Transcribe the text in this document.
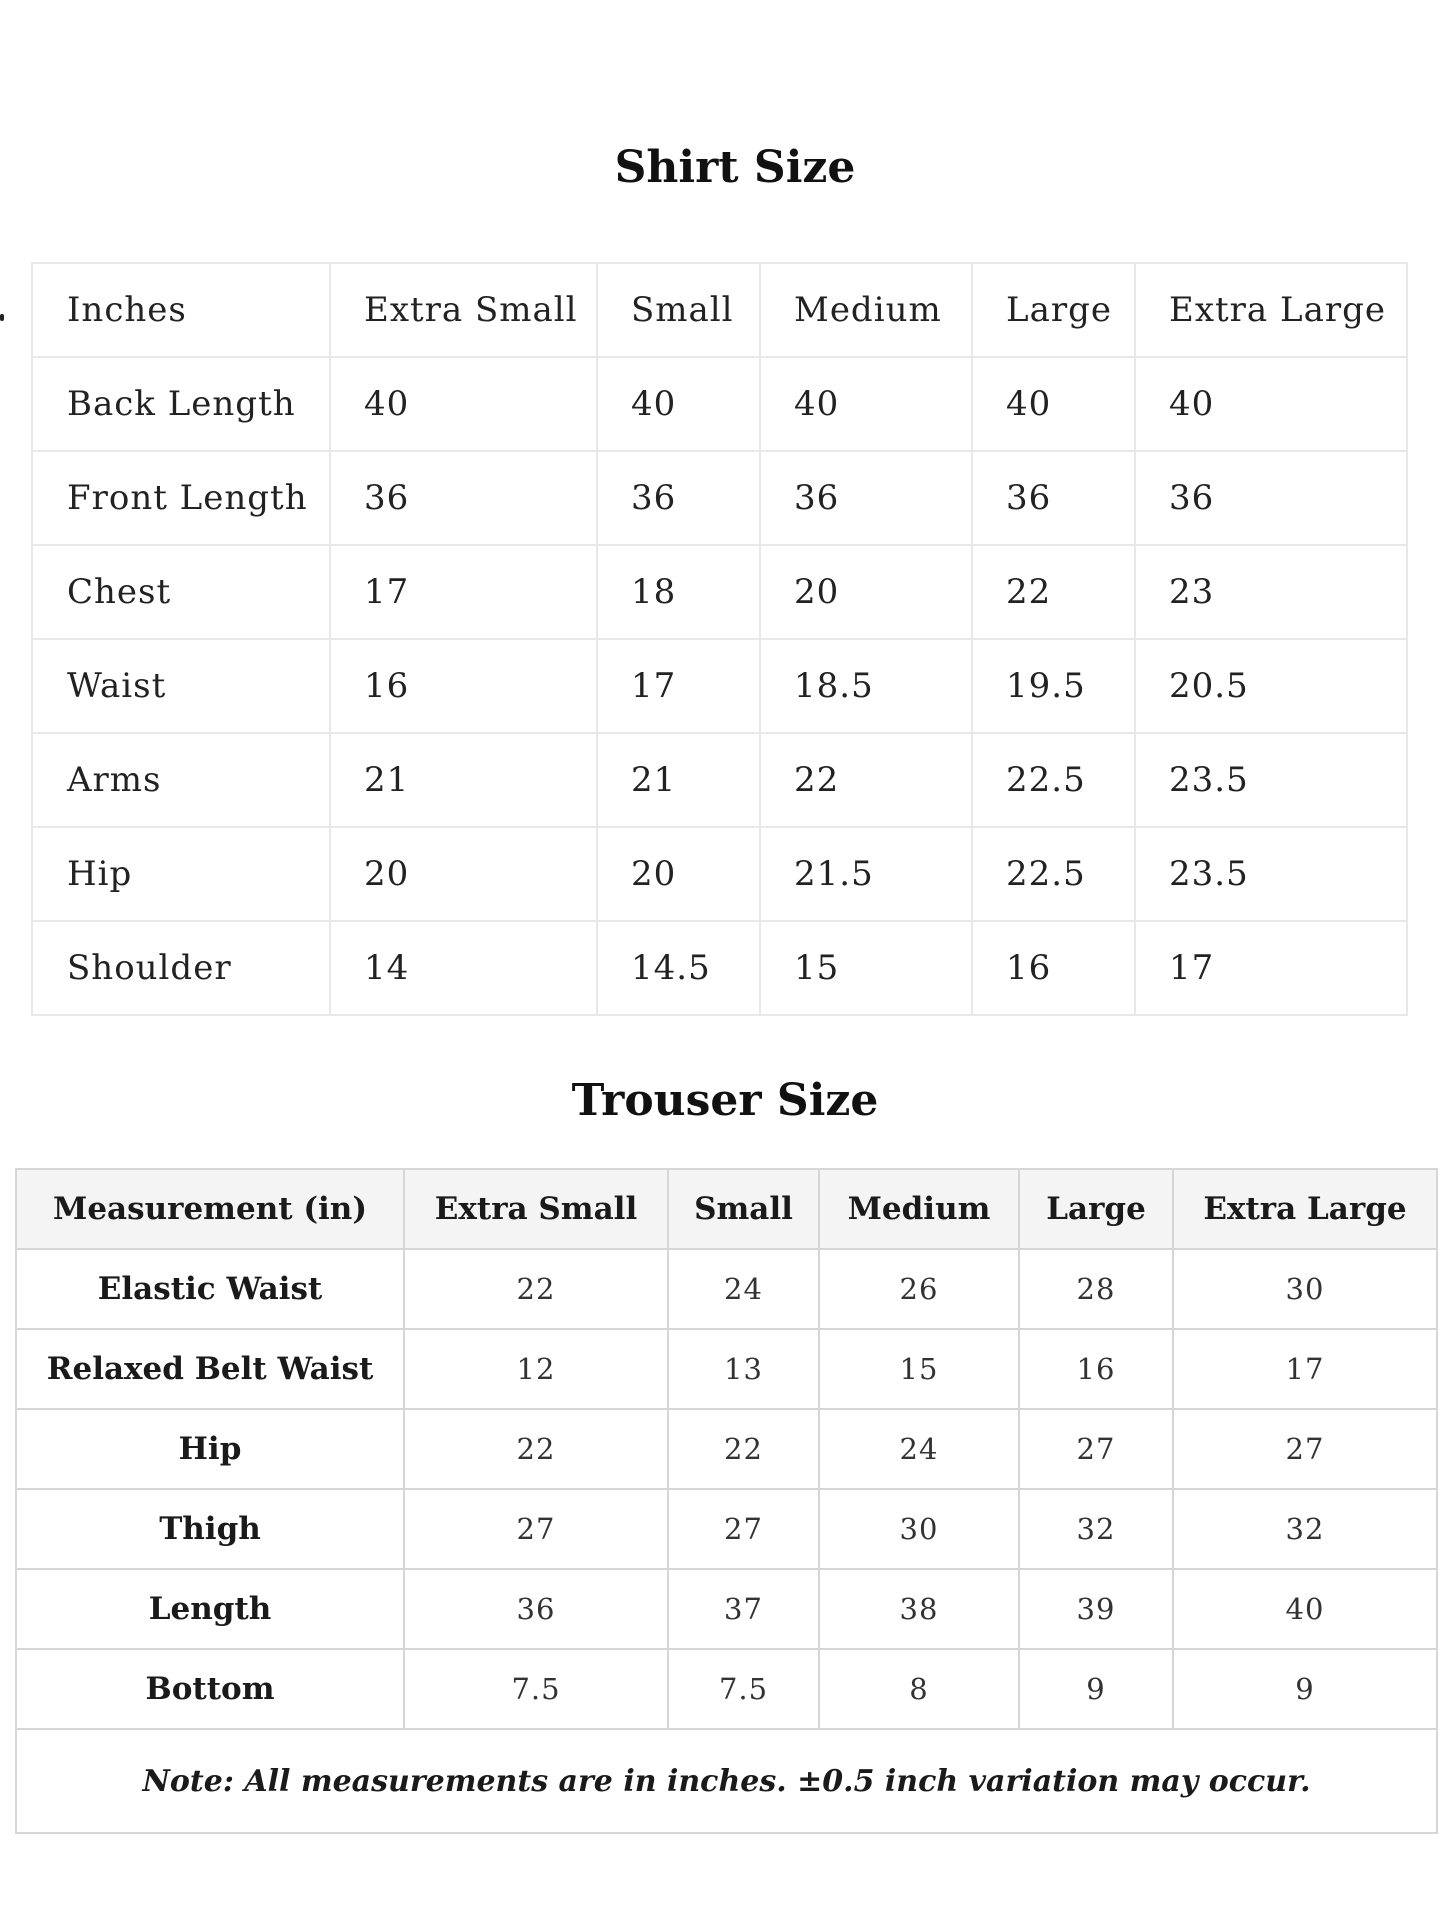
Shirt Size
Inches	Extra Small	Small	Medium	Large	Extra Large
Back Length	40	40	40	40	40
Front Length	36	36	36	36	36
Chest	17	18	20	22	23
Waist	16	17	18.5	19.5	20.5
Arms	21	21	22	22.5	23.5
Hip	20	20	21.5	22.5	23.5
Shoulder	14	14.5	15	16	17
Trouser Size
Measurement (in)	Extra Small	Small	Medium	Large	Extra Large
Elastic Waist	22	24	26	28	30
Relaxed Belt Waist	12	13	15	16	17
Hip	22	22	24	27	27
Thigh	27	27	30	32	32
Length	36	37	38	39	40
Bottom	7.5	7.5	8	9	9
Note: All measurements are in inches. ±0.5 inch variation may occur.					
